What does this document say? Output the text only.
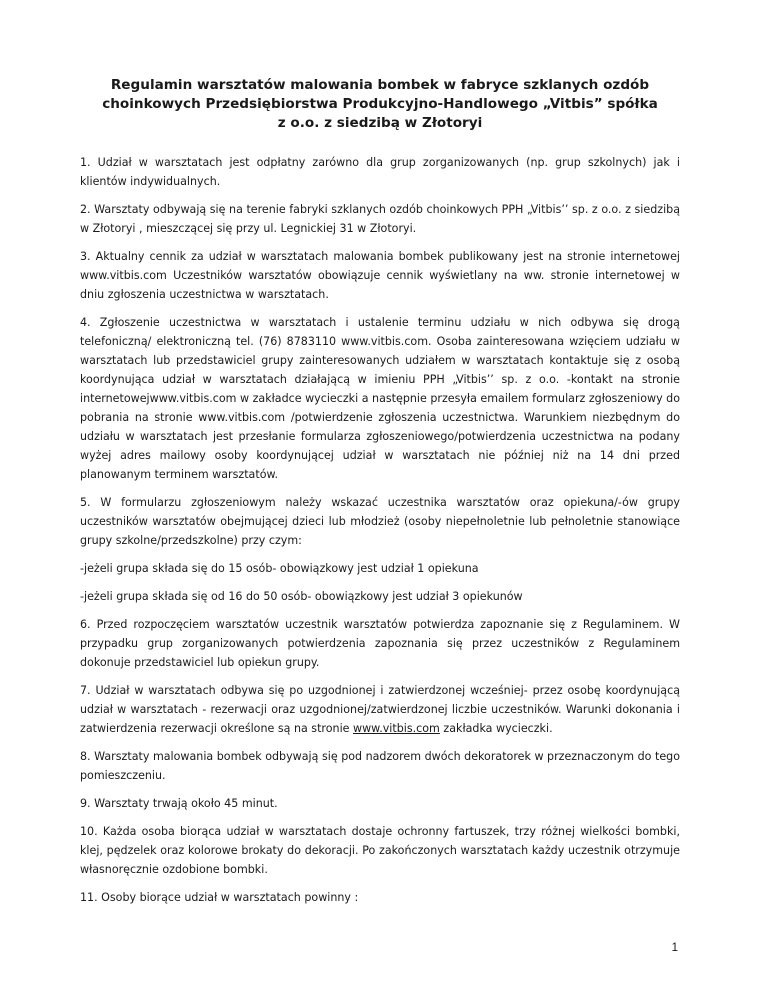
Regulamin warsztatów malowania bombek w fabryce szklanych ozdób
choinkowych Przedsiębiorstwa Produkcyjno-Handlowego „Vitbis” spółka
z o.o. z siedzibą w Złotoryi

1. Udział w warsztatach jest odpłatny zarówno dla grup zorganizowanych (np. grup szkolnych) jak i klientów indywidualnych.

2. Warsztaty odbywają się na terenie fabryki szklanych ozdób choinkowych PPH „Vitbis’’ sp. z o.o. z siedzibą w Złotoryi , mieszczącej się przy ul. Legnickiej 31 w Złotoryi.

3. Aktualny cennik za udział w warsztatach malowania bombek publikowany jest na stronie internetowej www.vitbis.com Uczestników warsztatów obowiązuje cennik wyświetlany na ww. stronie internetowej w dniu zgłoszenia uczestnictwa w warsztatach.

4. Zgłoszenie uczestnictwa w warsztatach i ustalenie terminu udziału w nich odbywa się drogą telefoniczną/ elektroniczną tel. (76) 8783110 www.vitbis.com. Osoba zainteresowana wzięciem udziału w warsztatach lub przedstawiciel grupy zainteresowanych udziałem w warsztatach kontaktuje się z osobą koordynująca udział w warsztatach działającą w imieniu PPH „Vitbis’’ sp. z o.o. -kontakt na stronie internetowejwww.vitbis.com w zakładce wycieczki a następnie przesyła emailem formularz zgłoszeniowy do pobrania na stronie www.vitbis.com /potwierdzenie zgłoszenia uczestnictwa. Warunkiem niezbędnym do udziału w warsztatach jest przesłanie formularza zgłoszeniowego/potwierdzenia uczestnictwa na podany wyżej adres mailowy osoby koordynującej udział w warsztatach nie później niż na 14 dni przed planowanym terminem warsztatów.

5. W formularzu zgłoszeniowym należy wskazać uczestnika warsztatów oraz opiekuna/-ów grupy uczestników warsztatów obejmującej dzieci lub młodzież (osoby niepełnoletnie lub pełnoletnie stanowiące grupy szkolne/przedszkolne) przy czym:

-jeżeli grupa składa się do 15 osób- obowiązkowy jest udział 1 opiekuna

-jeżeli grupa składa się od 16 do 50 osób- obowiązkowy jest udział 3 opiekunów

6. Przed rozpoczęciem warsztatów uczestnik warsztatów potwierdza zapoznanie się z Regulaminem. W przypadku grup zorganizowanych potwierdzenia zapoznania się przez uczestników z Regulaminem dokonuje przedstawiciel lub opiekun grupy.

7. Udział w warsztatach odbywa się po uzgodnionej i zatwierdzonej wcześniej- przez osobę koordynującą udział w warsztatach - rezerwacji oraz uzgodnionej/zatwierdzonej liczbie uczestników. Warunki dokonania i zatwierdzenia rezerwacji określone są na stronie www.vitbis.com zakładka wycieczki.

8. Warsztaty malowania bombek odbywają się pod nadzorem dwóch dekoratorek w przeznaczonym do tego pomieszczeniu.

9. Warsztaty trwają około 45 minut.

10. Każda osoba biorąca udział w warsztatach dostaje ochronny fartuszek, trzy różnej wielkości bombki, klej, pędzelek oraz kolorowe brokaty do dekoracji. Po zakończonych warsztatach każdy uczestnik otrzymuje własnoręcznie ozdobione bombki.

11. Osoby biorące udział w warsztatach powinny :

1
